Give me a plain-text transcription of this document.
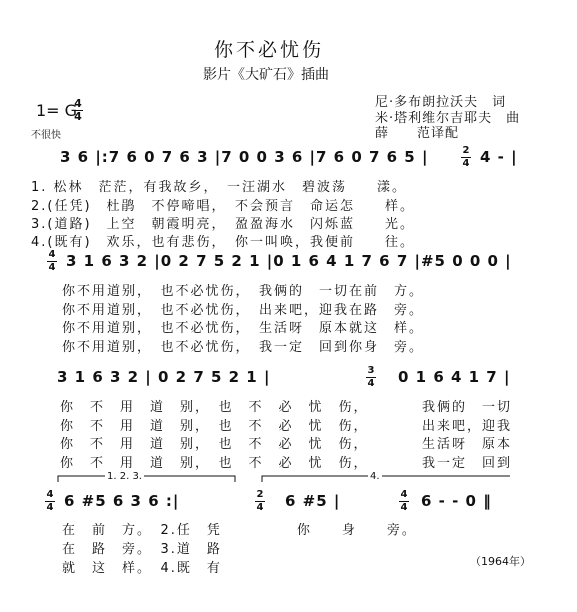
你不必忧伤
影片《大矿石》插曲
尼·多布朗拉沃夫　词
米·塔利维尔吉耶夫　曲
薛　　范译配
1= G
4
4
不很快
3 6 |:7 6 0 7 6 3 |7 0 0 3 6 |7 6 0 7 6 5 |	2
4 4 - |
1. 松林　茫茫，有我故乡，　一汪湖水　碧波荡　　漾。
2.(任凭)　杜鹃　不停啼唱，　不会预言　命运怎　　样。
3.(道路)　上空　朝霞明亮，　盈盈海水　闪烁蓝　　光。
4.(既有)　欢乐，也有悲伤，　你一叫唤，我便前　　往。
4
4 3 1 6 3 2 |0 2 7 5 2 1 |0 1 6 4 1 7 6 7 |#5 0 0 0 |
你不用道别，　也不必忧伤，　我俩的　一切在前　方。
你不用道别，　也不必忧伤，　出来吧，迎我在路　旁。
你不用道别，　也不必忧伤，　生活呀　原本就这　样。
你不用道别，　也不必忧伤，　我一定　回到你身　旁。
3 1 6 3 2 | 0 2 7 5 2 1 |	3
4 0 1 6 4 1 7 |
你　不　用　道　别，　也　不　必　忧　伤，　　　　我俩的　一切
你　不　用　道　别，　也　不　必　忧　伤，　　　　出来吧，迎我
你　不　用　道　别，　也　不　必　忧　伤，　　　　生活呀　原本
你　不　用　道　别，　也　不　必　忧　伤，　　　　我一定　回到
1. 2. 3.	4.
4
4 6 #5 6 3 6 :|	2
4 6 #5 |	4
4 6 - - 0 ‖
在　前　方。　2.任　凭　　　　　你　　身　　旁。
在　路　旁。　3.道　路
就　这　样。　4.既　有	（1964年）
